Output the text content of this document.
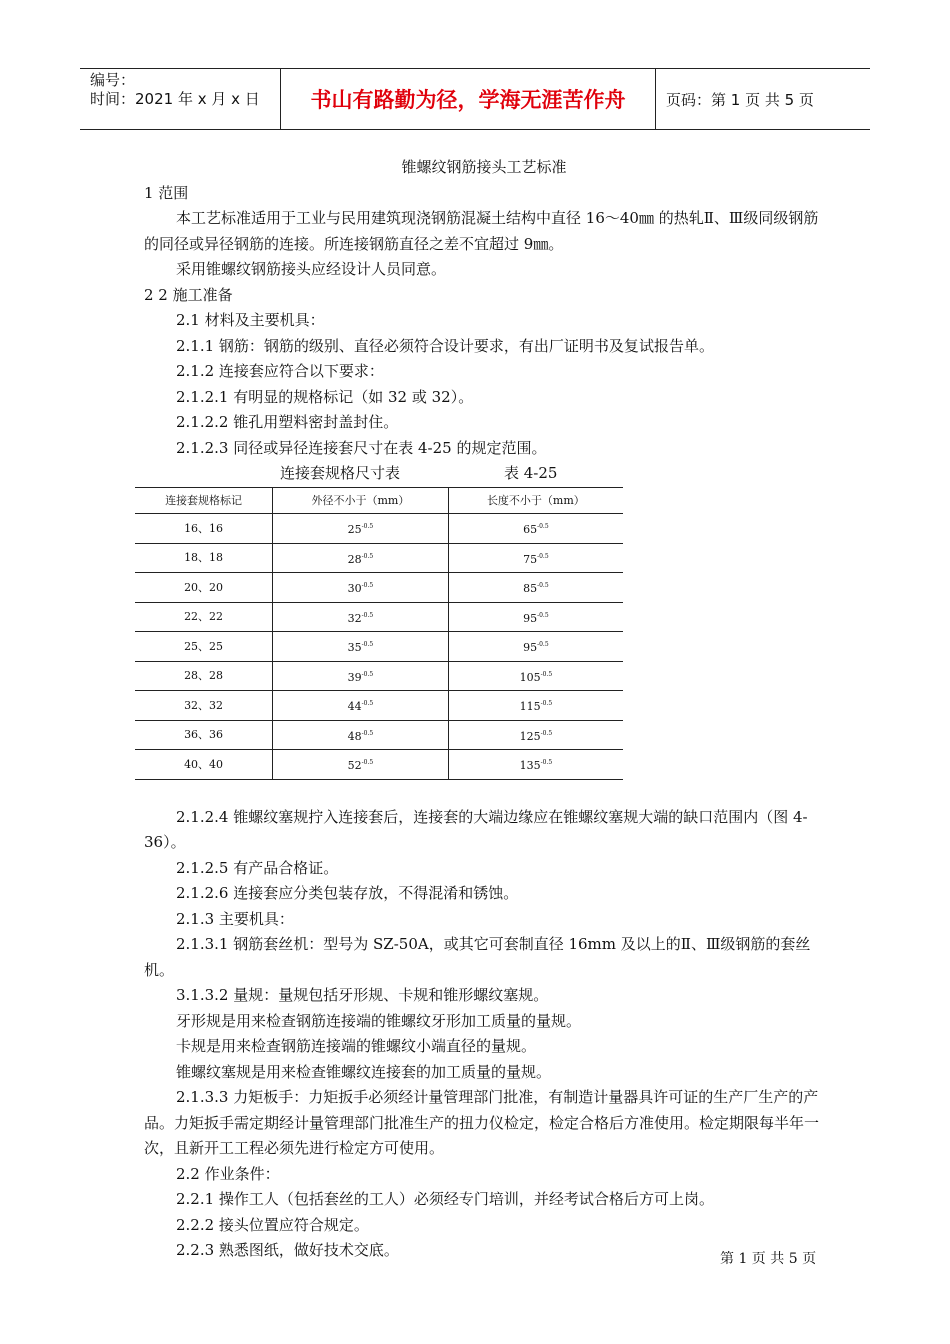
编号：
时间：2021 年 x 月 x 日	书山有路勤为径，学海无涯苦作舟	页码：第 1 页 共 5 页

锥螺纹钢筋接头工艺标准

1 范围

本工艺标准适用于工业与民用建筑现浇钢筋混凝土结构中直径 16～40㎜ 的热轧Ⅱ、Ⅲ级同级钢筋的同径或异径钢筋的连接。所连接钢筋直径之差不宜超过 9㎜。

采用锥螺纹钢筋接头应经设计人员同意。

2 2 施工准备

2.1 材料及主要机具：

2.1.1 钢筋：钢筋的级别、直径必须符合设计要求，有出厂证明书及复试报告单。

2.1.2 连接套应符合以下要求：

2.1.2.1 有明显的规格标记（如 32 或 32）。

2.1.2.2 锥孔用塑料密封盖封住。

2.1.2.3 同径或异径连接套尺寸在表 4-25 的规定范围。

连接套规格尺寸表	表 4-25
连接套规格标记	外径不小于（mm）	长度不小于（mm）
16、16	$25^{-0.5}$	$65^{-0.5}$
18、18	$28^{-0.5}$	$75^{-0.5}$
20、20	$30^{-0.5}$	$85^{-0.5}$
22、22	$32^{-0.5}$	$95^{-0.5}$
25、25	$35^{-0.5}$	$95^{-0.5}$
28、28	$39^{-0.5}$	$105^{-0.5}$
32、32	$44^{-0.5}$	$115^{-0.5}$
36、36	$48^{-0.5}$	$125^{-0.5}$
40、40	$52^{-0.5}$	$135^{-0.5}$

2.1.2.4 锥螺纹塞规拧入连接套后，连接套的大端边缘应在锥螺纹塞规大端的缺口范围内（图 4-36）。

2.1.2.5 有产品合格证。

2.1.2.6 连接套应分类包装存放，不得混淆和锈蚀。

2.1.3 主要机具：

2.1.3.1 钢筋套丝机：型号为 SZ-50A，或其它可套制直径 16mm 及以上的Ⅱ、Ⅲ级钢筋的套丝机。

3.1.3.2 量规：量规包括牙形规、卡规和锥形螺纹塞规。

牙形规是用来检查钢筋连接端的锥螺纹牙形加工质量的量规。

卡规是用来检查钢筋连接端的锥螺纹小端直径的量规。

锥螺纹塞规是用来检查锥螺纹连接套的加工质量的量规。

2.1.3.3 力矩板手：力矩扳手必须经计量管理部门批准，有制造计量器具许可证的生产厂生产的产品。力矩扳手需定期经计量管理部门批准生产的扭力仪检定，检定合格后方准使用。检定期限每半年一次，且新开工工程必须先进行检定方可使用。

2.2 作业条件：

2.2.1 操作工人（包括套丝的工人）必须经专门培训，并经考试合格后方可上岗。

2.2.2 接头位置应符合规定。

2.2.3 熟悉图纸，做好技术交底。	第 1 页 共 5 页
